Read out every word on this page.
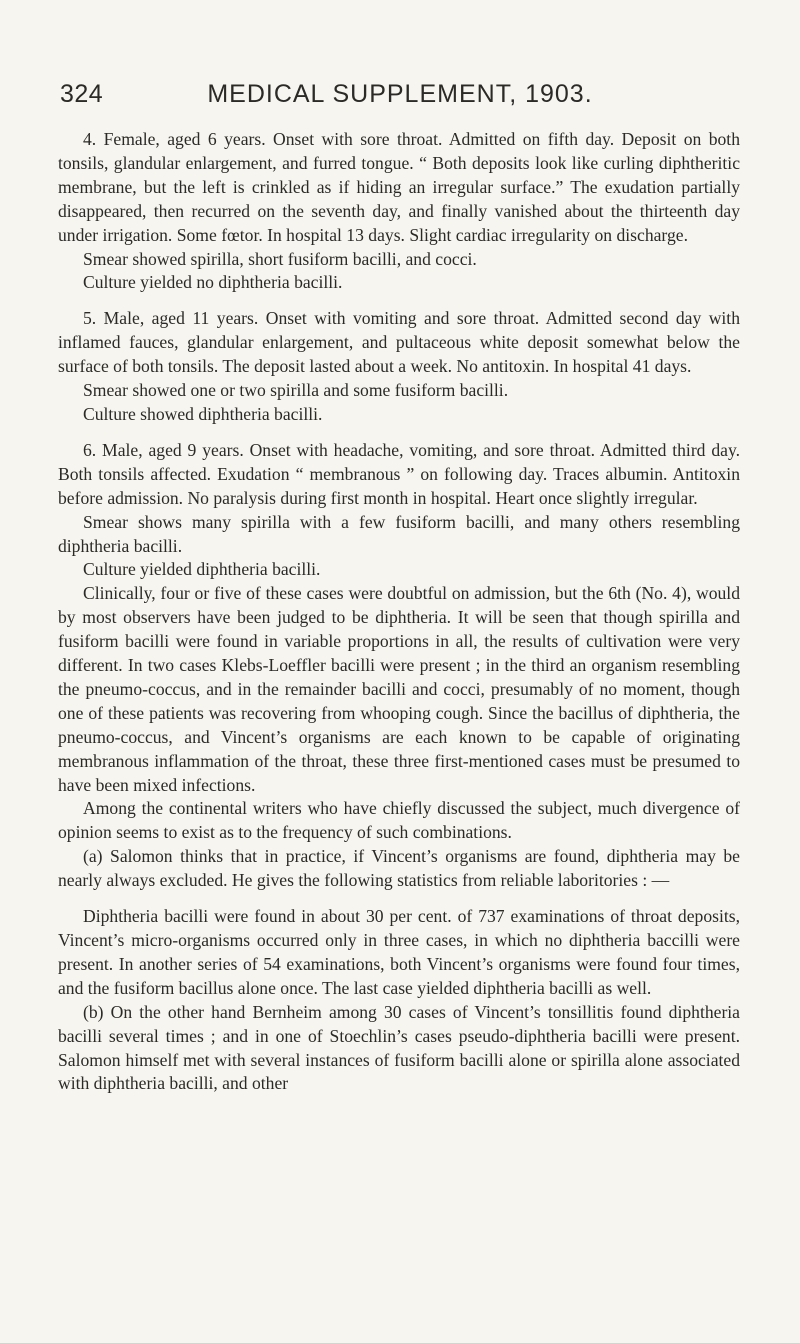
324	MEDICAL SUPPLEMENT, 1903.

4. Female, aged 6 years. Onset with sore throat. Admitted on fifth day. Deposit on both tonsils, glandular enlargement, and furred tongue. “ Both deposits look like curling diphtheritic membrane, but the left is crinkled as if hiding an irregular surface.” The exudation partially disappeared, then recurred on the seventh day, and finally vanished about the thirteenth day under irrigation. Some fœtor. In hospital 13 days. Slight cardiac irregularity on discharge.

Smear showed spirilla, short fusiform bacilli, and cocci.

Culture yielded no diphtheria bacilli.

5. Male, aged 11 years. Onset with vomiting and sore throat. Admitted second day with inflamed fauces, glandular enlargement, and pultaceous white deposit somewhat below the surface of both tonsils. The deposit lasted about a week. No antitoxin. In hospital 41 days.

Smear showed one or two spirilla and some fusiform bacilli.

Culture showed diphtheria bacilli.

6. Male, aged 9 years. Onset with headache, vomiting, and sore throat. Admitted third day. Both tonsils affected. Exudation “ membranous ” on following day. Traces albumin. Antitoxin before admission. No paralysis during first month in hospital. Heart once slightly irregular.

Smear shows many spirilla with a few fusiform bacilli, and many others resembling diphtheria bacilli.

Culture yielded diphtheria bacilli.

Clinically, four or five of these cases were doubtful on admission, but the 6th (No. 4), would by most observers have been judged to be diphtheria. It will be seen that though spirilla and fusiform bacilli were found in variable proportions in all, the results of cultivation were very different. In two cases Klebs-Loeffler bacilli were present ; in the third an organism resembling the pneumo-coccus, and in the remainder bacilli and cocci, presumably of no moment, though one of these patients was recovering from whooping cough. Since the bacillus of diphtheria, the pneumo-coccus, and Vincent’s organisms are each known to be capable of originating membranous inflammation of the throat, these three first-mentioned cases must be presumed to have been mixed infections.

Among the continental writers who have chiefly discussed the subject, much divergence of opinion seems to exist as to the frequency of such combinations.

(a) Salomon thinks that in practice, if Vincent’s organisms are found, diphtheria may be nearly always excluded. He gives the following statistics from reliable laboritories : —

Diphtheria bacilli were found in about 30 per cent. of 737 examinations of throat deposits, Vincent’s micro-organisms occurred only in three cases, in which no diphtheria baccilli were present. In another series of 54 examinations, both Vincent’s organisms were found four times, and the fusiform bacillus alone once. The last case yielded diphtheria bacilli as well.

(b) On the other hand Bernheim among 30 cases of Vincent’s tonsillitis found diphtheria bacilli several times ; and in one of Stoechlin’s cases pseudo-diphtheria bacilli were present. Salomon himself met with several instances of fusiform bacilli alone or spirilla alone associated with diphtheria bacilli, and other
